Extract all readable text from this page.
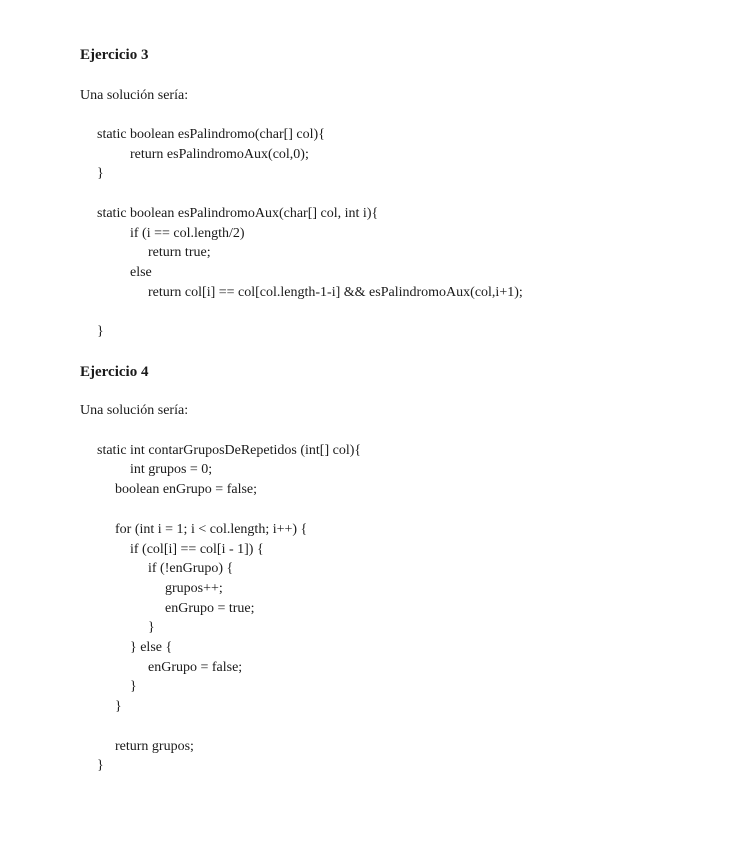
Ejercicio 3
Una solución sería:
static boolean esPalindromo(char[] col){
return esPalindromoAux(col,0);
}
static boolean esPalindromoAux(char[] col, int i){
if (i == col.length/2)
return true;
else
return col[i] == col[col.length-1-i] && esPalindromoAux(col,i+1);
}
Ejercicio 4
Una solución sería:
static int contarGruposDeRepetidos (int[] col){
int grupos = 0;
boolean enGrupo = false;
for (int i = 1; i < col.length; i++) {
if (col[i] == col[i - 1]) {
if (!enGrupo) {
grupos++;
enGrupo = true;
}
} else {
enGrupo = false;
}
}
return grupos;
}
